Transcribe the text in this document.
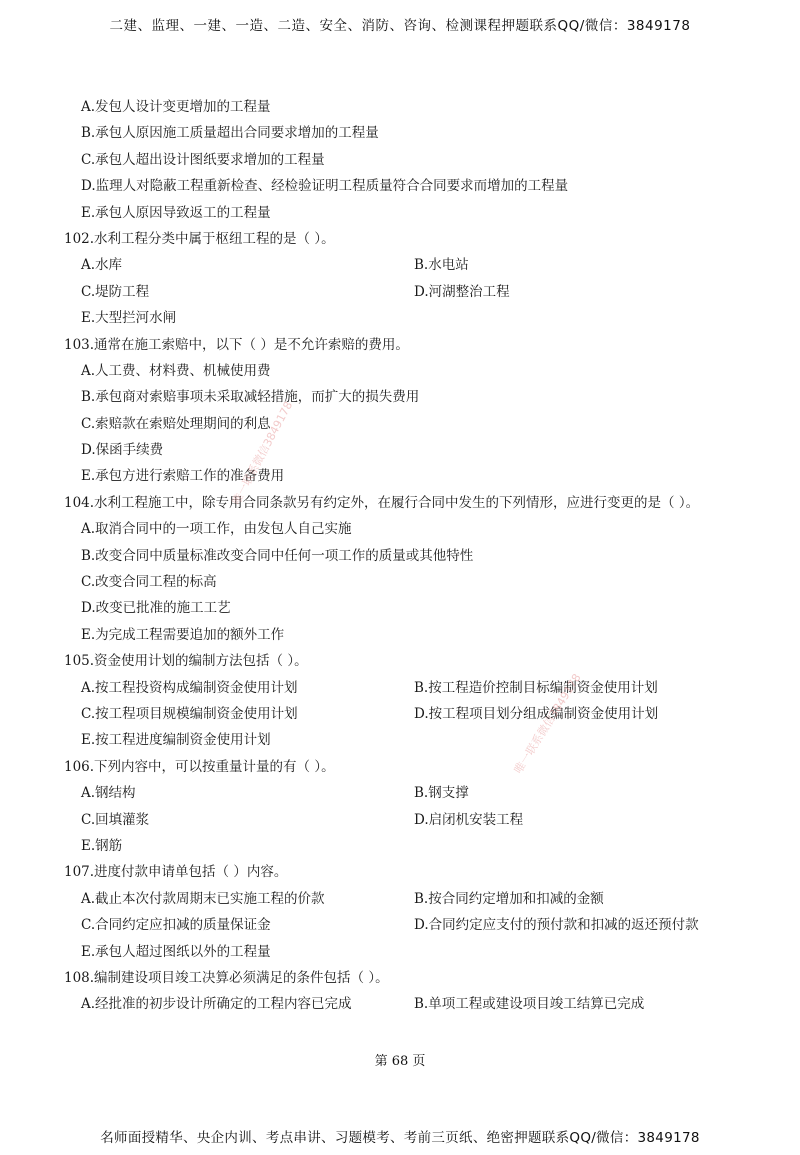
二建、监理、一建、一造、二造、安全、消防、咨询、检测课程押题联系QQ/微信：3849178
A.发包人设计变更增加的工程量
B.承包人原因施工质量超出合同要求增加的工程量
C.承包人超出设计图纸要求增加的工程量
D.监理人对隐蔽工程重新检查、经检验证明工程质量符合合同要求而增加的工程量
E.承包人原因导致返工的工程量
102.水利工程分类中属于枢纽工程的是（ ）。
A.水库	B.水电站
C.堤防工程	D.河湖整治工程
E.大型拦河水闸
103.通常在施工索赔中，以下（ ）是不允许索赔的费用。
A.人工费、材料费、机械使用费
B.承包商对索赔事项未采取减轻措施，而扩大的损失费用
C.索赔款在索赔处理期间的利息
D.保函手续费
E.承包方进行索赔工作的准备费用
104.水利工程施工中，除专用合同条款另有约定外，在履行合同中发生的下列情形，应进行变更的是（ ）。
A.取消合同中的一项工作，由发包人自己实施
B.改变合同中质量标准改变合同中任何一项工作的质量或其他特性
C.改变合同工程的标高
D.改变已批准的施工工艺
E.为完成工程需要追加的额外工作
105.资金使用计划的编制方法包括（ ）。
A.按工程投资构成编制资金使用计划	B.按工程造价控制目标编制资金使用计划
C.按工程项目规模编制资金使用计划	D.按工程项目划分组成编制资金使用计划
E.按工程进度编制资金使用计划
106.下列内容中，可以按重量计量的有（ ）。
A.钢结构	B.钢支撑
C.回填灌浆	D.启闭机安装工程
E.钢筋
107.进度付款申请单包括（ ）内容。
A.截止本次付款周期末已实施工程的价款	B.按合同约定增加和扣减的金额
C.合同约定应扣减的质量保证金	D.合同约定应支付的预付款和扣减的返还预付款
E.承包人超过图纸以外的工程量
108.编制建设项目竣工决算必须满足的条件包括（ ）。
A.经批准的初步设计所确定的工程内容已完成	B.单项工程或建设项目竣工结算已完成
唯一联系微信3849178
唯一联系微信3849178
第 68 页
名师面授精华、央企内训、考点串讲、习题模考、考前三页纸、绝密押题联系QQ/微信：3849178
